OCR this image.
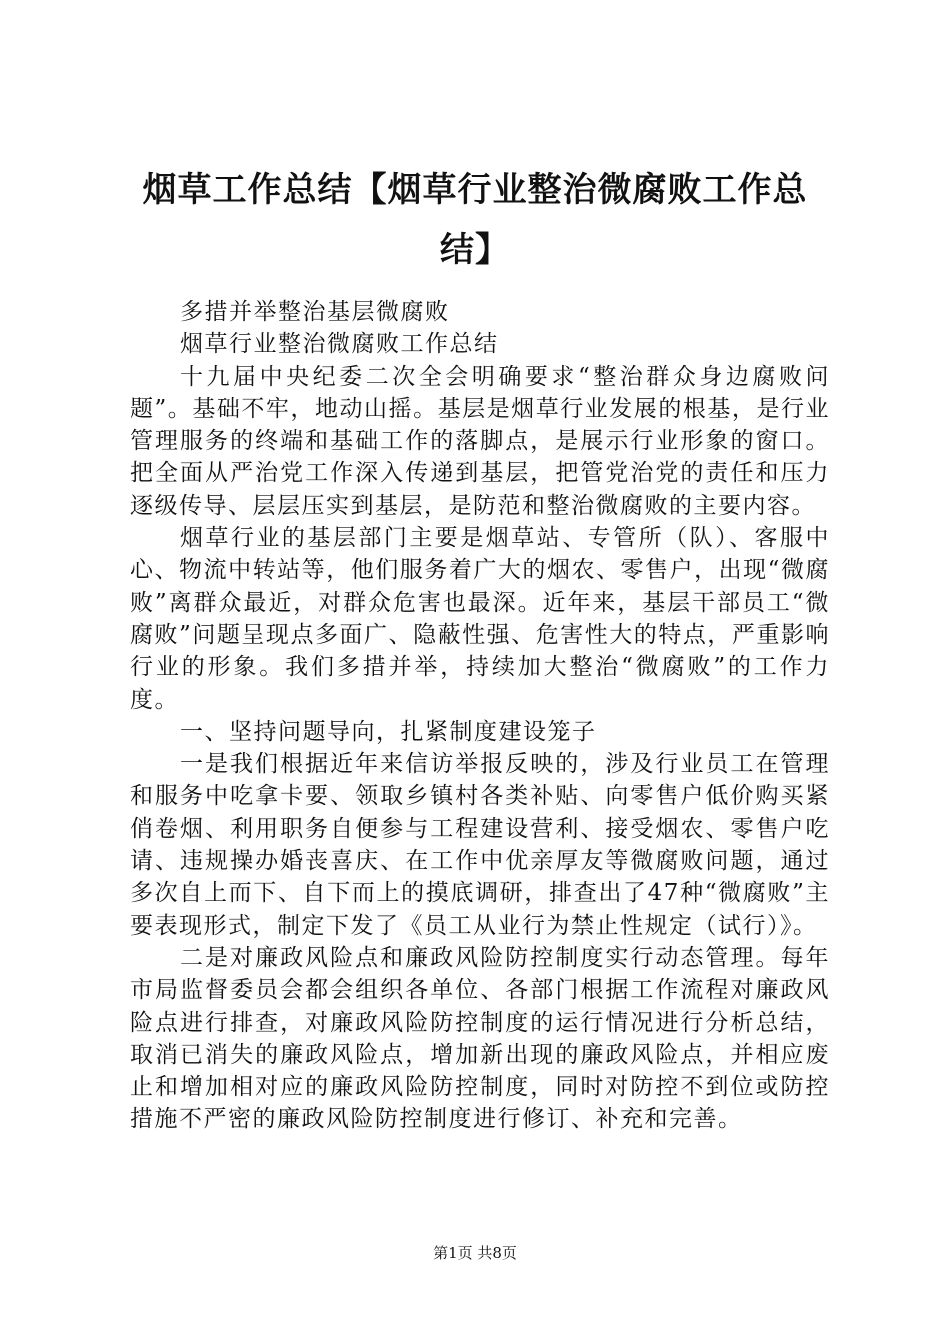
烟草工作总结【烟草行业整治微腐败工作总结】

多措并举整治基层微腐败

烟草行业整治微腐败工作总结

十九届中央纪委二次全会明确要求“整治群众身边腐败问题”。基础不牢，地动山摇。基层是烟草行业发展的根基，是行业管理服务的终端和基础工作的落脚点，是展示行业形象的窗口。把全面从严治党工作深入传递到基层，把管党治党的责任和压力逐级传导、层层压实到基层，是防范和整治微腐败的主要内容。

烟草行业的基层部门主要是烟草站、专管所（队）、客服中心、物流中转站等，他们服务着广大的烟农、零售户，出现“微腐败”离群众最近，对群众危害也最深。近年来，基层干部员工“微腐败”问题呈现点多面广、隐蔽性强、危害性大的特点，严重影响行业的形象。我们多措并举，持续加大整治“微腐败”的工作力度。

一、坚持问题导向，扎紧制度建设笼子

一是我们根据近年来信访举报反映的，涉及行业员工在管理和服务中吃拿卡要、领取乡镇村各类补贴、向零售户低价购买紧俏卷烟、利用职务自便参与工程建设营利、接受烟农、零售户吃请、违规操办婚丧喜庆、在工作中优亲厚友等微腐败问题，通过多次自上而下、自下而上的摸底调研，排查出了47种“微腐败”主要表现形式，制定下发了《员工从业行为禁止性规定（试行）》。

二是对廉政风险点和廉政风险防控制度实行动态管理。每年市局监督委员会都会组织各单位、各部门根据工作流程对廉政风险点进行排查，对廉政风险防控制度的运行情况进行分析总结，取消已消失的廉政风险点，增加新出现的廉政风险点，并相应废止和增加相对应的廉政风险防控制度，同时对防控不到位或防控措施不严密的廉政风险防控制度进行修订、补充和完善。

第1页 共8页
